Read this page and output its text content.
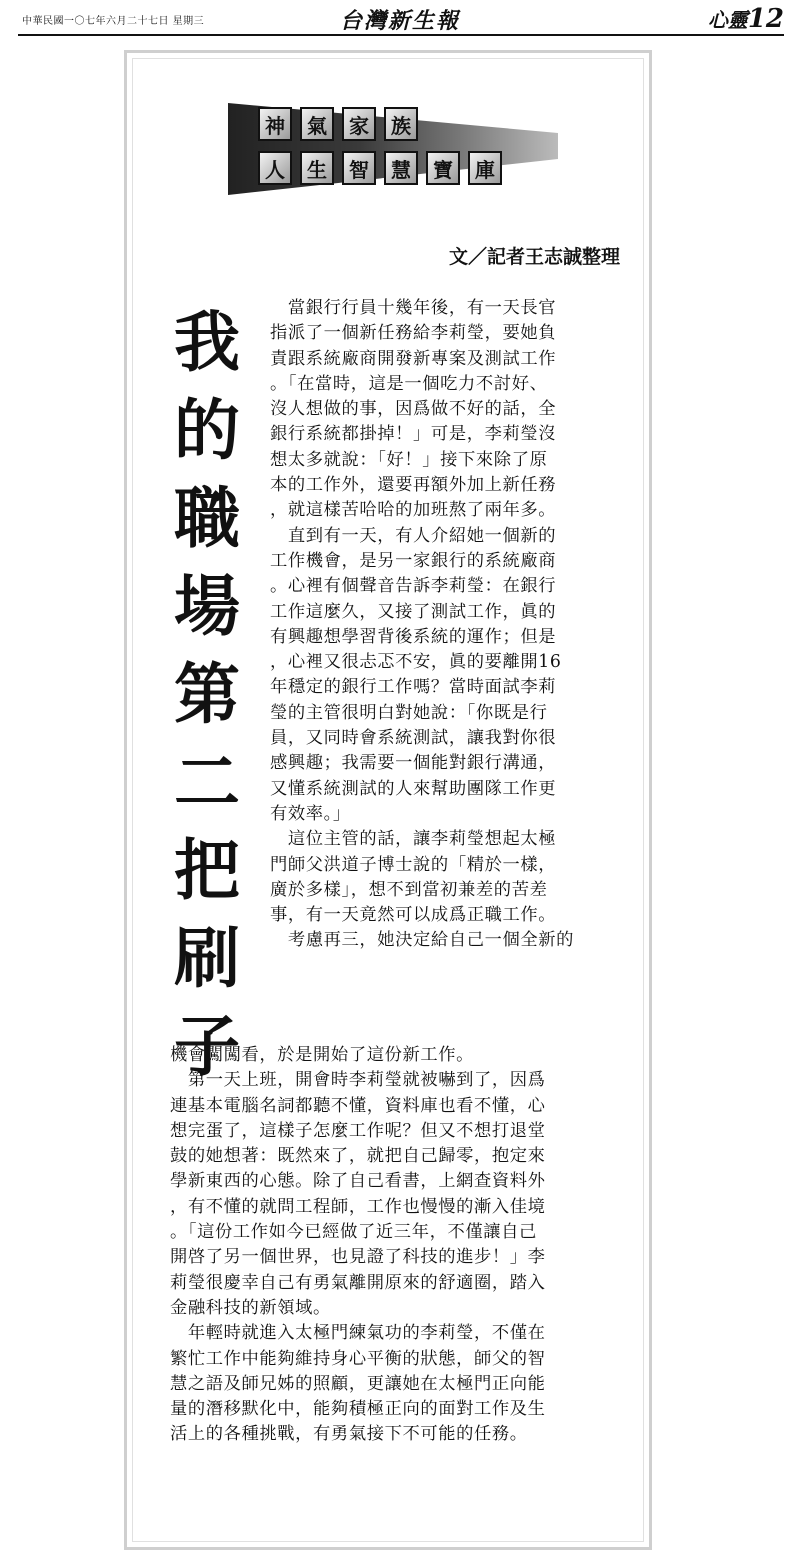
中華民國一〇七年六月二十七日 星期三	台灣新生報	心靈12
神	氣	家	族
人	生	智	慧	寶	庫
文／記者王志誠整理
我
的
職
場
第
二
把
刷
子
　當銀行行員十幾年後，有一天長官
指派了一個新任務給李莉瑩，要她負
責跟系統廠商開發新專案及測試工作
。「在當時，這是一個吃力不討好、
沒人想做的事，因爲做不好的話，全
銀行系統都掛掉！」可是，李莉瑩沒
想太多就說：「好！」接下來除了原
本的工作外，還要再額外加上新任務
，就這樣苦哈哈的加班熬了兩年多。
　直到有一天，有人介紹她一個新的
工作機會，是另一家銀行的系統廠商
。心裡有個聲音告訴李莉瑩：在銀行
工作這麼久，又接了測試工作，眞的
有興趣想學習背後系統的運作；但是
，心裡又很忐忑不安，眞的要離開16
年穩定的銀行工作嗎？當時面試李莉
瑩的主管很明白對她說：「你既是行
員，又同時會系統測試，讓我對你很
感興趣；我需要一個能對銀行溝通，
又懂系統測試的人來幫助團隊工作更
有效率。」
　這位主管的話，讓李莉瑩想起太極
門師父洪道子博士說的「精於一樣，
廣於多樣」，想不到當初兼差的苦差
事，有一天竟然可以成爲正職工作。
　考慮再三，她決定給自己一個全新的
機會闖闖看，於是開始了這份新工作。
　第一天上班，開會時李莉瑩就被嚇到了，因爲
連基本電腦名詞都聽不懂，資料庫也看不懂，心
想完蛋了，這樣子怎麼工作呢？但又不想打退堂
鼓的她想著：既然來了，就把自己歸零，抱定來
學新東西的心態。除了自己看書，上網查資料外
，有不懂的就問工程師，工作也慢慢的漸入佳境
。「這份工作如今已經做了近三年，不僅讓自己
開啓了另一個世界，也見證了科技的進步！」李
莉瑩很慶幸自己有勇氣離開原來的舒適圈，踏入
金融科技的新領域。
　年輕時就進入太極門練氣功的李莉瑩，不僅在
繁忙工作中能夠維持身心平衡的狀態，師父的智
慧之語及師兄姊的照顧，更讓她在太極門正向能
量的潛移默化中，能夠積極正向的面對工作及生
活上的各種挑戰，有勇氣接下不可能的任務。
